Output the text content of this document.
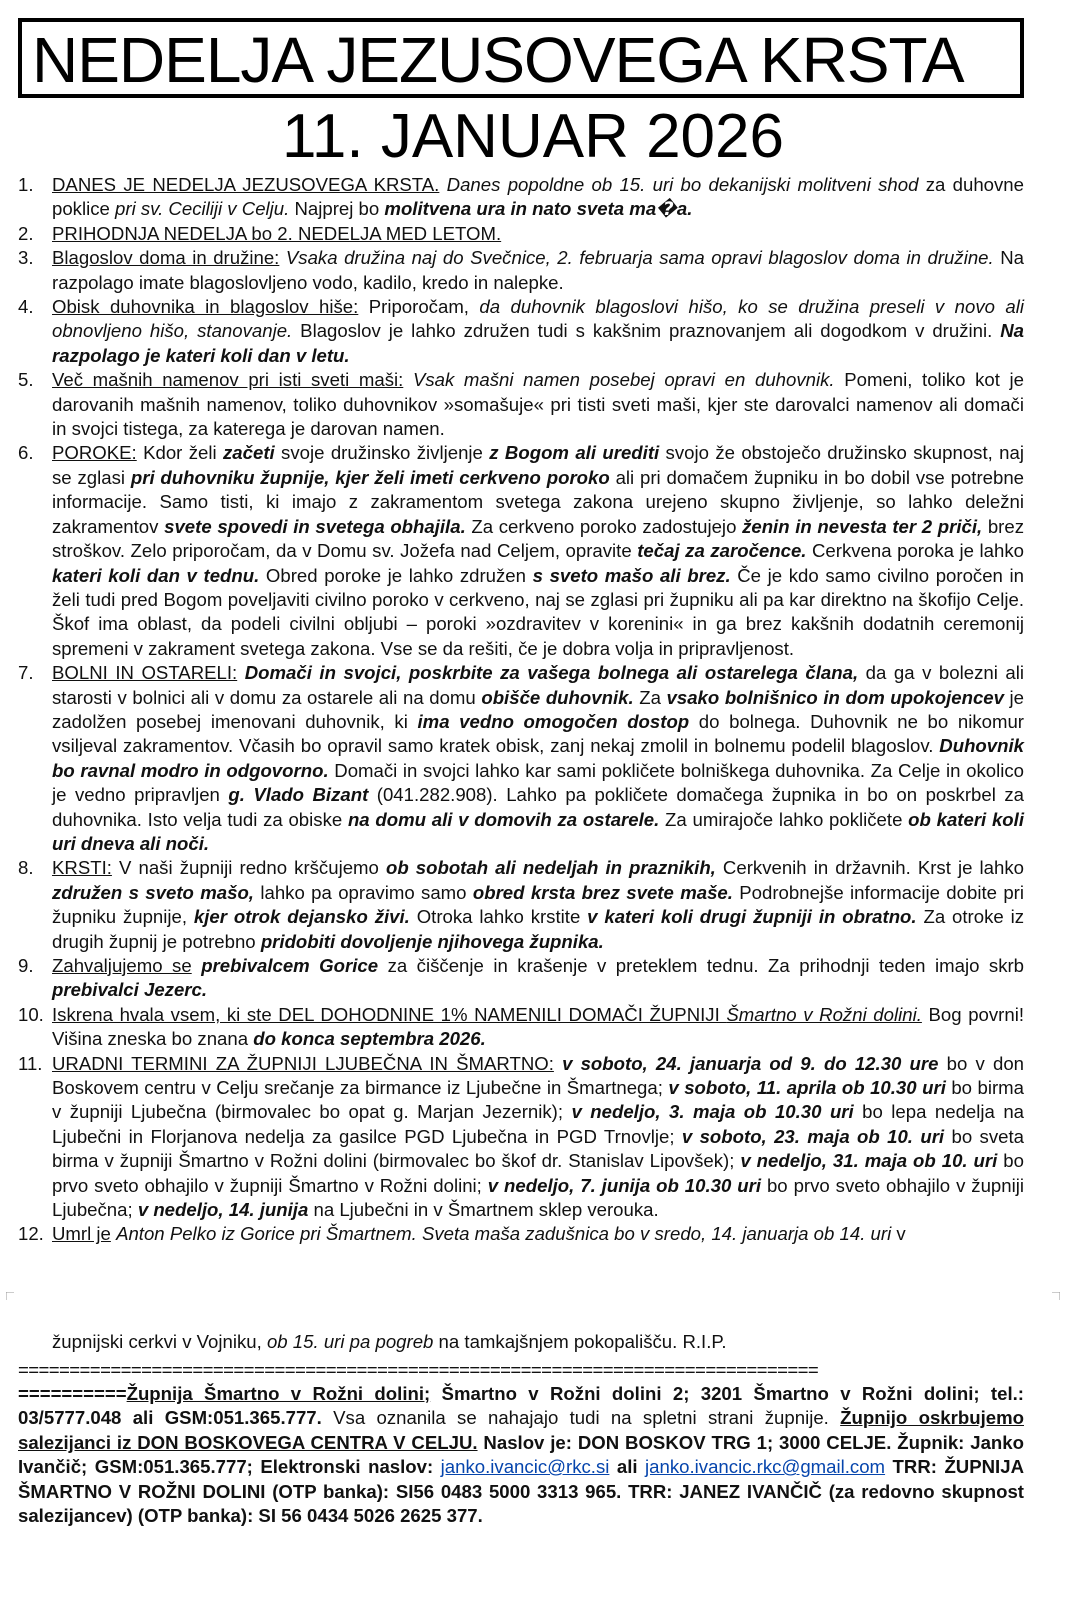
NEDELJA JEZUSOVEGA KRSTA
11. JANUAR 2026
1. DANES JE NEDELJA JEZUSOVEGA KRSTA. Danes popoldne ob 15. uri bo dekanijski molitveni shod za duhovne poklice pri sv. Ceciliji v Celju. Najprej bo molitvena ura in nato sveta ma�a.
2. PRIHODNJA NEDELJA bo 2. NEDELJA MED LETOM.
3. Blagoslov doma in družine: Vsaka družina naj do Svečnice, 2. februarja sama opravi blagoslov doma in družine. Na razpolago imate blagoslovljeno vodo, kadilo, kredo in nalepke.
4. Obisk duhovnika in blagoslov hiše: Priporočam, da duhovnik blagoslovi hišo, ko se družina preseli v novo ali obnovljeno hišo, stanovanje. Blagoslov je lahko združen tudi s kakšnim praznovanjem ali dogodkom v družini. Na razpolago je kateri koli dan v letu.
5. Več mašnih namenov pri isti sveti maši: Vsak mašni namen posebej opravi en duhovnik. Pomeni, toliko kot je darovanih mašnih namenov, toliko duhovnikov »somašuje« pri tisti sveti maši, kjer ste darovalci namenov ali domači in svojci tistega, za katerega je darovan namen.
6. POROKE: Kdor želi začeti svoje družinsko življenje z Bogom ali urediti svojo že obstoječo družinsko skupnost, naj se zglasi pri duhovniku župnije, kjer želi imeti cerkveno poroko ali pri domačem župniku in bo dobil vse potrebne informacije. Samo tisti, ki imajo z zakramentom svetega zakona urejeno skupno življenje, so lahko deležni zakramentov svete spovedi in svetega obhajila. Za cerkveno poroko zadostujejo ženin in nevesta ter 2 priči, brez stroškov. Zelo priporočam, da v Domu sv. Jožefa nad Celjem, opravite tečaj za zaročence. Cerkvena poroka je lahko kateri koli dan v tednu. Obred poroke je lahko združen s sveto mašo ali brez. Če je kdo samo civilno poročen in želi tudi pred Bogom poveljaviti civilno poroko v cerkveno, naj se zglasi pri župniku ali pa kar direktno na škofijo Celje. Škof ima oblast, da podeli civilni obljubi – poroki »ozdravitev v korenini« in ga brez kakšnih dodatnih ceremonij spremeni v zakrament svetega zakona. Vse se da rešiti, če je dobra volja in pripravljenost.
7. BOLNI IN OSTARELI: Domači in svojci, poskrbite za vašega bolnega ali ostarelega člana, da ga v bolezni ali starosti v bolnici ali v domu za ostarele ali na domu obišče duhovnik. Za vsako bolnišnico in dom upokojencev je zadolžen posebej imenovani duhovnik, ki ima vedno omogočen dostop do bolnega. Duhovnik ne bo nikomur vsiljeval zakramentov. Včasih bo opravil samo kratek obisk, zanj nekaj zmolil in bolnemu podelil blagoslov. Duhovnik bo ravnal modro in odgovorno. Domači in svojci lahko kar sami pokličete bolniškega duhovnika. Za Celje in okolico je vedno pripravljen g. Vlado Bizant (041.282.908). Lahko pa pokličete domačega župnika in bo on poskrbel za duhovnika. Isto velja tudi za obiske na domu ali v domovih za ostarele. Za umirajoče lahko pokličete ob kateri koli uri dneva ali noči.
8. KRSTI: V naši župniji redno krščujemo ob sobotah ali nedeljah in praznikih, Cerkvenih in državnih. Krst je lahko združen s sveto mašo, lahko pa opravimo samo obred krsta brez svete maše. Podrobnejše informacije dobite pri župniku župnije, kjer otrok dejansko živi. Otroka lahko krstite v kateri koli drugi župniji in obratno. Za otroke iz drugih župnij je potrebno pridobiti dovoljenje njihovega župnika.
9. Zahvaljujemo se prebivalcem Gorice za čiščenje in krašenje v preteklem tednu. Za prihodnji teden imajo skrb prebivalci Jezerc.
10. Iskrena hvala vsem, ki ste DEL DOHODNINE 1% NAMENILI DOMAČI ŽUPNIJI Šmartno v Rožni dolini. Bog povrni! Višina zneska bo znana do konca septembra 2026.
11. URADNI TERMINI ZA ŽUPNIJI LJUBEČNA IN ŠMARTNO: v soboto, 24. januarja od 9. do 12.30 ure bo v don Boskovem centru v Celju srečanje za birmance iz Ljubečne in Šmartnega; v soboto, 11. aprila ob 10.30 uri bo birma v župniji Ljubečna (birmovalec bo opat g. Marjan Jezernik); v nedeljo, 3. maja ob 10.30 uri bo lepa nedelja na Ljubečni in Florjanova nedelja za gasilce PGD Ljubečna in PGD Trnovlje; v soboto, 23. maja ob 10. uri bo sveta birma v župniji Šmartno v Rožni dolini (birmovalec bo škof dr. Stanislav Lipovšek); v nedeljo, 31. maja ob 10. uri bo prvo sveto obhajilo v župniji Šmartno v Rožni dolini; v nedeljo, 7. junija ob 10.30 uri bo prvo sveto obhajilo v župniji Ljubečna; v nedeljo, 14. junija na Ljubečni in v Šmartnem sklep verouka.
12. Umrl je Anton Pelko iz Gorice pri Šmartnem. Sveta maša zadušnica bo v sredo, 14. januarja ob 14. uri v
župnijski cerkvi v Vojniku, ob 15. uri pa pogreb na tamkajšnjem pokopališču. R.I.P.
==============================================================================
==========Župnija Šmartno v Rožni dolini; Šmartno v Rožni dolini 2; 3201 Šmartno v Rožni dolini; tel.: 03/5777.048 ali GSM:051.365.777. Vsa oznanila se nahajajo tudi na spletni strani župnije. Župnijo oskrbujemo salezijanci iz DON BOSKOVEGA CENTRA V CELJU. Naslov je: DON BOSKOV TRG 1; 3000 CELJE. Župnik: Janko Ivančič; GSM:051.365.777; Elektronski naslov: janko.ivancic@rkc.si ali janko.ivancic.rkc@gmail.com TRR: ŽUPNIJA ŠMARTNO V ROŽNI DOLINI (OTP banka): SI56 0483 5000 3313 965. TRR: JANEZ IVANČIČ (za redovno skupnost salezijancev) (OTP banka): SI 56 0434 5026 2625 377.
